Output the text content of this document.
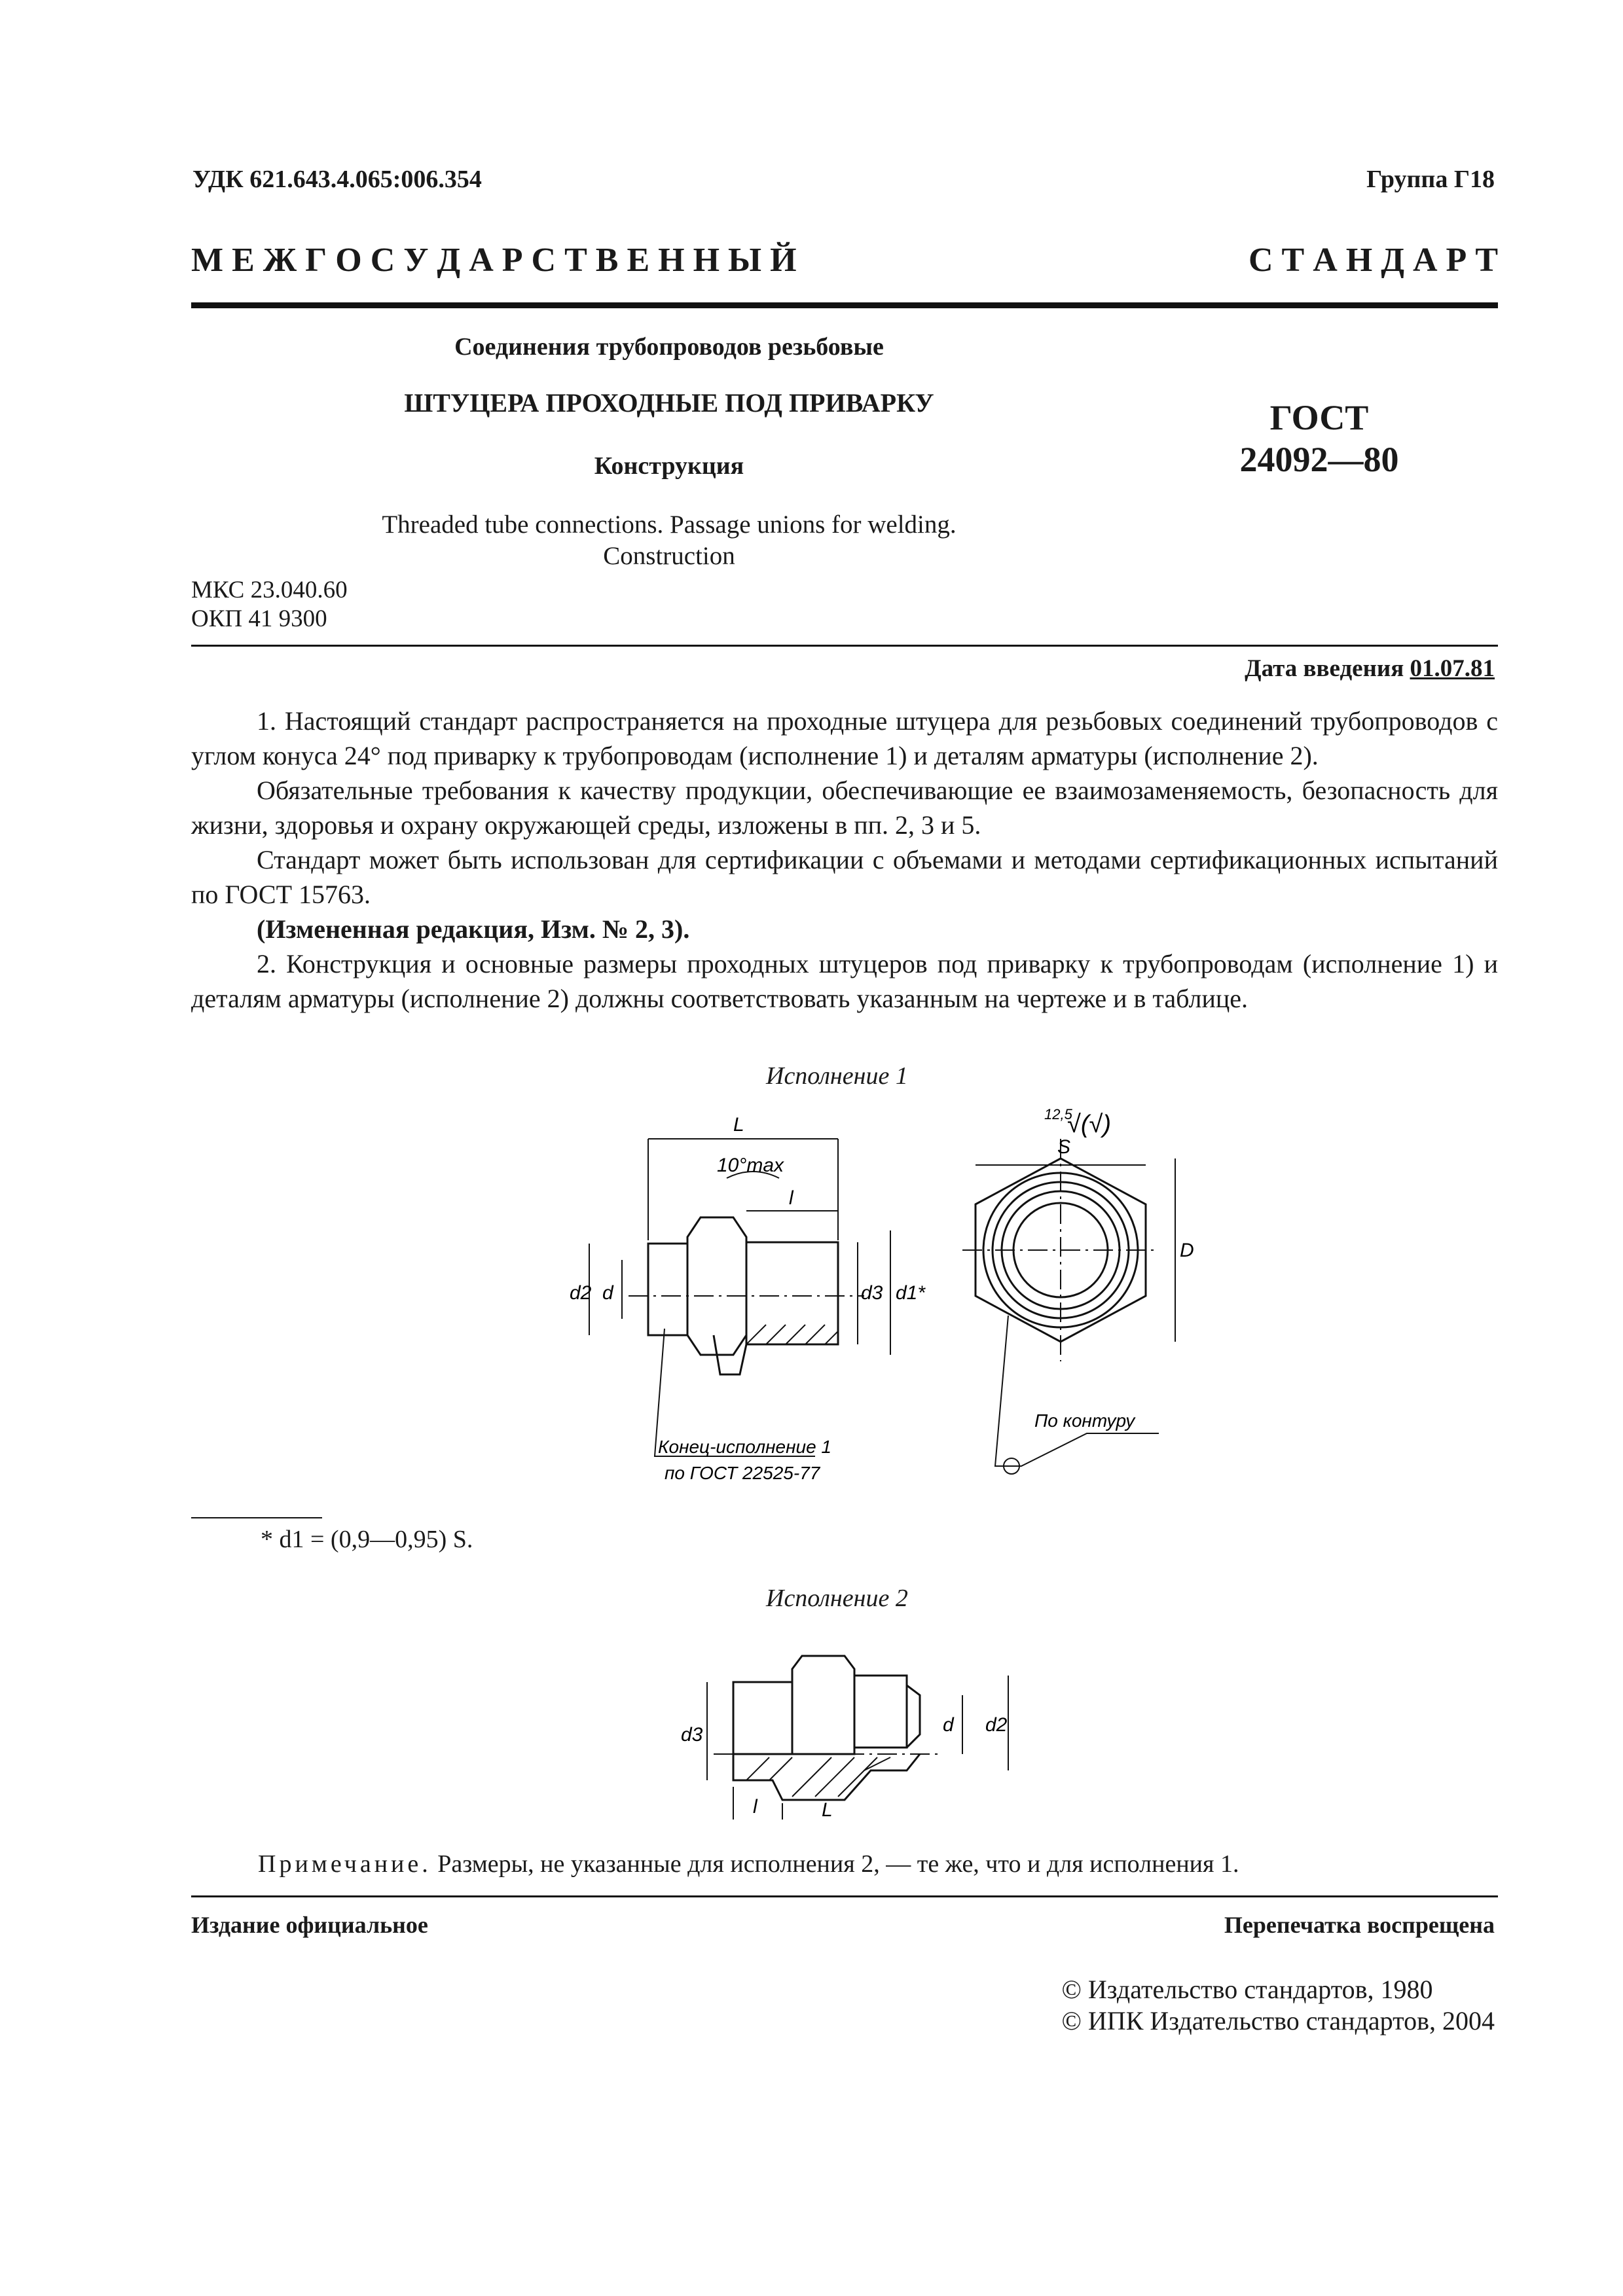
УДК 621.643.4.065:006.354	Группа Г18
М Е Ж Г О С У Д А Р С Т В Е Н Н Ы Й	С Т А Н Д А Р Т
Соединения трубопроводов резьбовые
ШТУЦЕРА ПРОХОДНЫЕ ПОД ПРИВАРКУ
Конструкция
Threaded tube connections. Passage unions for welding.
Construction
ГОСТ
24092—80
МКС 23.040.60
ОКП 41 9300
Дата введения 01.07.81

1. Настоящий стандарт распространяется на проходные штуцера для резьбовых соединений трубопроводов с углом конуса 24° под приварку к трубопроводам (исполнение 1) и деталям арматуры (исполнение 2).

Обязательные требования к качеству продукции, обеспечивающие ее взаимозаменяемость, безопасность для жизни, здоровья и охрану окружающей среды, изложены в пп. 2, 3 и 5.

Стандарт может быть использован для сертификации с объемами и методами сертификационных испытаний по ГОСТ 15763.

(Измененная редакция, Изм. № 2, 3).

2. Конструкция и основные размеры проходных штуцеров под приварку к трубопроводам (исполнение 1) и деталям арматуры (исполнение 2) должны соответствовать указанным на чертеже и в таблице.

Исполнение 1
L
10°max
l
d2 d	d3 d1*
S
D
Конец-исполнение 1
по ГОСТ 22525-77
По контуру
12,5
√(√)
* d1 = (0,9—0,95) S.
Исполнение 2
d3	d d2
l	L
Примечание. Размеры, не указанные для исполнения 2, — те же, что и для исполнения 1.
Издание официальное	Перепечатка воспрещена
© Издательство стандартов, 1980
© ИПК Издательство стандартов, 2004
